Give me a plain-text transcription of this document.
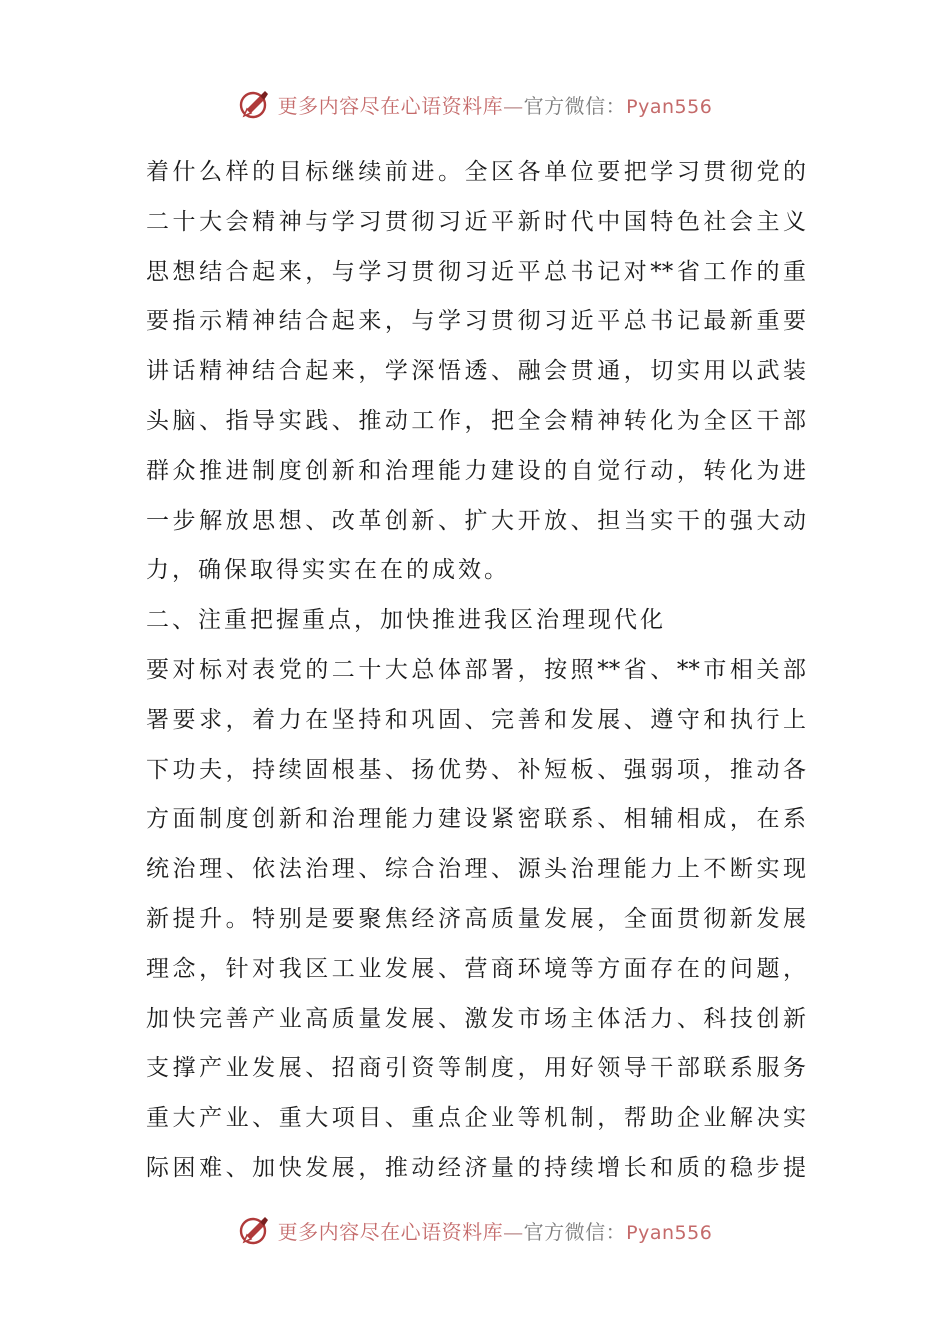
更多内容尽在心语资料库—官方微信：Pyan556
着什么样的目标继续前进。全区各单位要把学习贯彻党的
二十大会精神与学习贯彻习近平新时代中国特色社会主义
思想结合起来，与学习贯彻习近平总书记对**省工作的重
要指示精神结合起来，与学习贯彻习近平总书记最新重要
讲话精神结合起来，学深悟透、融会贯通，切实用以武装
头脑、指导实践、推动工作，把全会精神转化为全区干部
群众推进制度创新和治理能力建设的自觉行动，转化为进
一步解放思想、改革创新、扩大开放、担当实干的强大动
力，确保取得实实在在的成效。
二、注重把握重点，加快推进我区治理现代化
要对标对表党的二十大总体部署，按照**省、**市相关部
署要求，着力在坚持和巩固、完善和发展、遵守和执行上
下功夫，持续固根基、扬优势、补短板、强弱项，推动各
方面制度创新和治理能力建设紧密联系、相辅相成，在系
统治理、依法治理、综合治理、源头治理能力上不断实现
新提升。特别是要聚焦经济高质量发展，全面贯彻新发展
理念，针对我区工业发展、营商环境等方面存在的问题，
加快完善产业高质量发展、激发市场主体活力、科技创新
支撑产业发展、招商引资等制度，用好领导干部联系服务
重大产业、重大项目、重点企业等机制，帮助企业解决实
际困难、加快发展，推动经济量的持续增长和质的稳步提
更多内容尽在心语资料库—官方微信：Pyan556
